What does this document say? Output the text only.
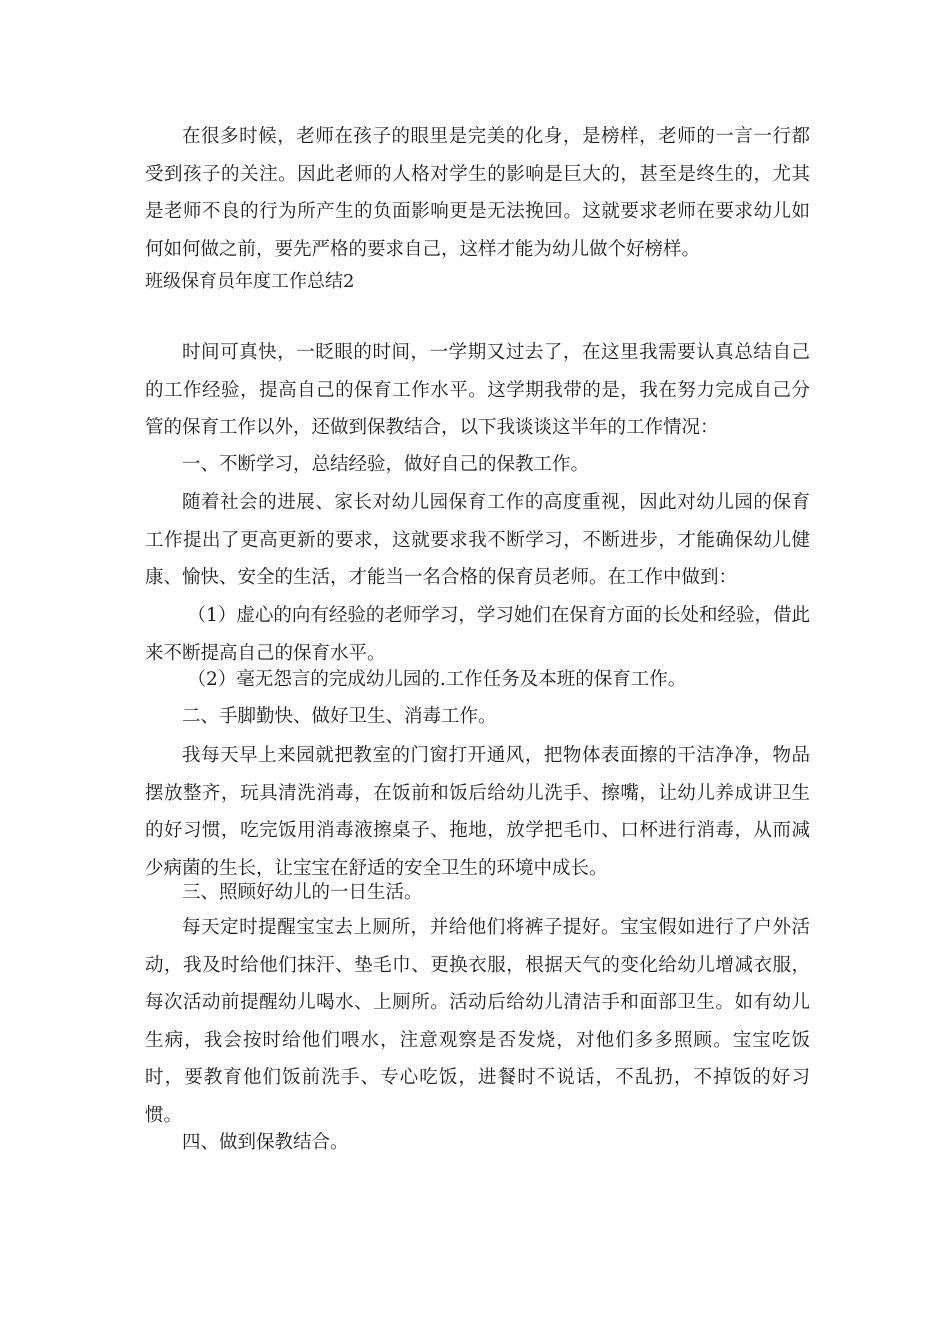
在很多时候，老师在孩子的眼里是完美的化身，是榜样，老师的一言一行都受到孩子的关注。因此老师的人格对学生的影响是巨大的，甚至是终生的，尤其是老师不良的行为所产生的负面影响更是无法挽回。这就要求老师在要求幼儿如何如何做之前，要先严格的要求自己，这样才能为幼儿做个好榜样。

班级保育员年度工作总结2

时间可真快，一眨眼的时间，一学期又过去了，在这里我需要认真总结自己的工作经验，提高自己的保育工作水平。这学期我带的是，我在努力完成自己分管的保育工作以外，还做到保教结合，以下我谈谈这半年的工作情况：

一、不断学习，总结经验，做好自己的保教工作。

随着社会的进展、家长对幼儿园保育工作的高度重视，因此对幼儿园的保育工作提出了更高更新的要求，这就要求我不断学习，不断进步，才能确保幼儿健康、愉快、安全的生活，才能当一名合格的保育员老师。在工作中做到：

（1）虚心的向有经验的老师学习，学习她们在保育方面的长处和经验，借此来不断提高自己的保育水平。

（2）毫无怨言的完成幼儿园的.工作任务及本班的保育工作。

二、手脚勤快、做好卫生、消毒工作。

我每天早上来园就把教室的门窗打开通风，把物体表面擦的干洁净净，物品摆放整齐，玩具清洗消毒，在饭前和饭后给幼儿洗手、擦嘴，让幼儿养成讲卫生的好习惯，吃完饭用消毒液擦桌子、拖地，放学把毛巾、口杯进行消毒，从而减少病菌的生长，让宝宝在舒适的安全卫生的环境中成长。

三、照顾好幼儿的一日生活。

每天定时提醒宝宝去上厕所，并给他们将裤子提好。宝宝假如进行了户外活动，我及时给他们抹汗、垫毛巾、更换衣服，根据天气的变化给幼儿增减衣服，每次活动前提醒幼儿喝水、上厕所。活动后给幼儿清洁手和面部卫生。如有幼儿生病，我会按时给他们喂水，注意观察是否发烧，对他们多多照顾。宝宝吃饭时，要教育他们饭前洗手、专心吃饭，进餐时不说话，不乱扔，不掉饭的好习惯。

四、做到保教结合。
